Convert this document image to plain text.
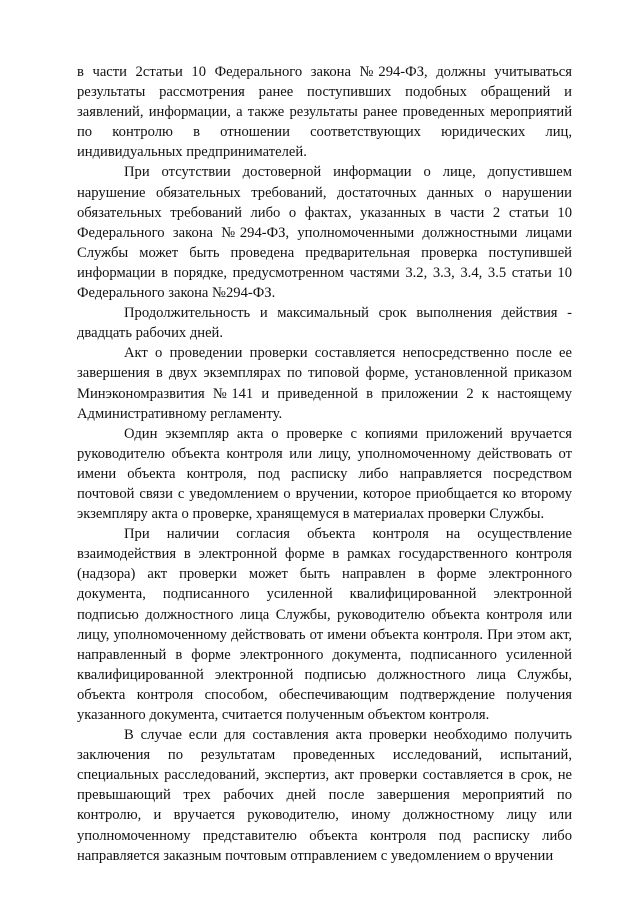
в части 2статьи 10 Федерального закона №294-ФЗ, должны учитываться результаты рассмотрения ранее поступивших подобных обращений и заявлений, информации, а также результаты ранее проведенных мероприятий по контролю в отношении соответствующих юридических лиц, индивидуальных предпринимателей.

При отсутствии достоверной информации о лице, допустившем нарушение обязательных требований, достаточных данных о нарушении обязательных требований либо о фактах, указанных в части 2 статьи 10 Федерального закона №294-ФЗ, уполномоченными должностными лицами Службы может быть проведена предварительная проверка поступившей информации в порядке, предусмотренном частями 3.2, 3.3, 3.4, 3.5 статьи 10 Федерального закона №294-ФЗ.

Продолжительность и максимальный срок выполнения действия - двадцать рабочих дней.

Акт о проведении проверки составляется непосредственно после ее завершения в двух экземплярах по типовой форме, установленной приказом Минэкономразвития №141 и приведенной в приложении 2 к настоящему Административному регламенту.

Один экземпляр акта о проверке с копиями приложений вручается руководителю объекта контроля или лицу, уполномоченному действовать от имени объекта контроля, под расписку либо направляется посредством почтовой связи с уведомлением о вручении, которое приобщается ко второму экземпляру акта о проверке, хранящемуся в материалах проверки Службы.

При наличии согласия объекта контроля на осуществление взаимодействия в электронной форме в рамках государственного контроля (надзора) акт проверки может быть направлен в форме электронного документа, подписанного усиленной квалифицированной электронной подписью должностного лица Службы, руководителю объекта контроля или лицу, уполномоченному действовать от имени объекта контроля. При этом акт, направленный в форме электронного документа, подписанного усиленной квалифицированной электронной подписью должностного лица Службы, объекта контроля способом, обеспечивающим подтверждение получения указанного документа, считается полученным объектом контроля.

В случае если для составления акта проверки необходимо получить заключения по результатам проведенных исследований, испытаний, специальных расследований, экспертиз, акт проверки составляется в срок, не превышающий трех рабочих дней после завершения мероприятий по контролю, и вручается руководителю, иному должностному лицу или уполномоченному представителю объекта контроля под расписку либо направляется заказным почтовым отправлением с уведомлением о вручении
